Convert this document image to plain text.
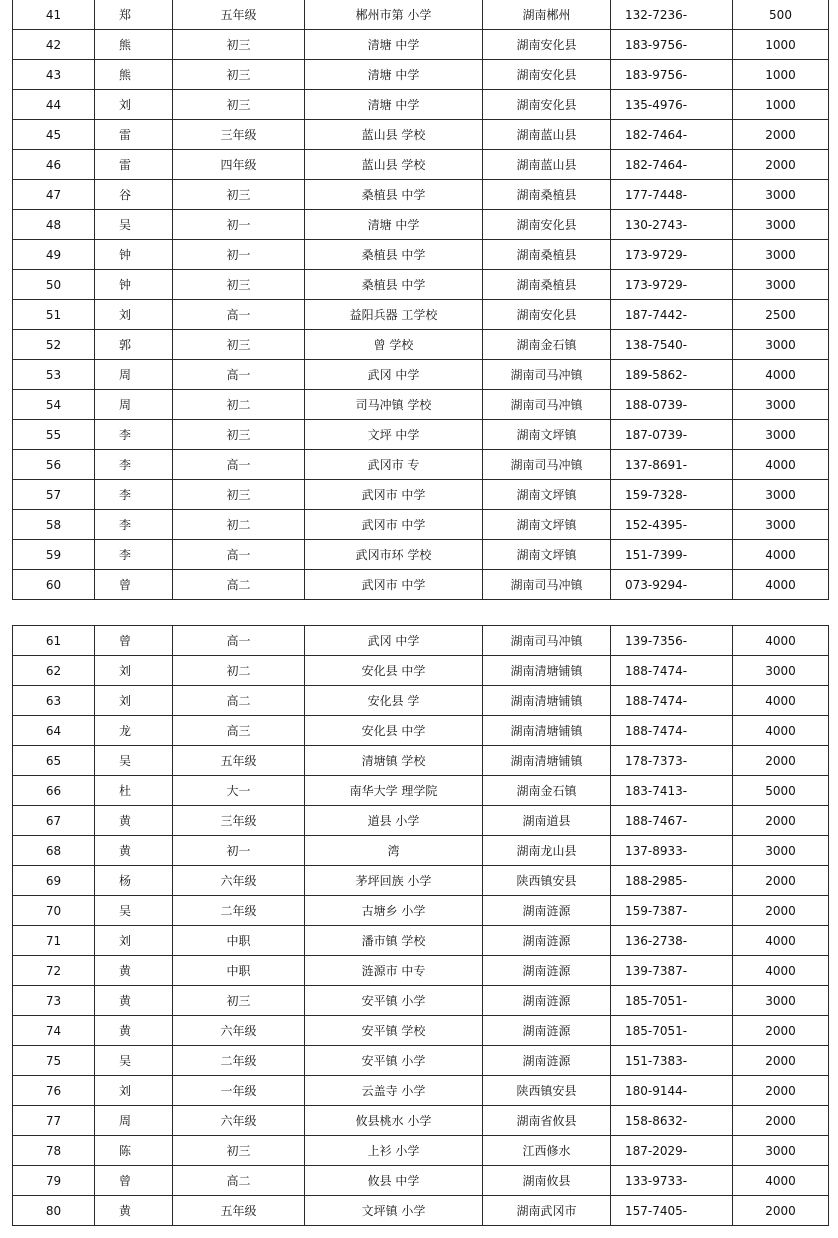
41	郑	五年级	郴州市第 小学	湖南郴州	132-7236-	500
42	熊	初三	清塘 中学	湖南安化县	183-9756-	1000
43	熊	初三	清塘 中学	湖南安化县	183-9756-	1000
44	刘	初三	清塘 中学	湖南安化县	135-4976-	1000
45	雷	三年级	蓝山县 学校	湖南蓝山县	182-7464-	2000
46	雷	四年级	蓝山县 学校	湖南蓝山县	182-7464-	2000
47	谷	初三	桑植县 中学	湖南桑植县	177-7448-	3000
48	吴	初一	清塘 中学	湖南安化县	130-2743-	3000
49	钟	初一	桑植县 中学	湖南桑植县	173-9729-	3000
50	钟	初三	桑植县 中学	湖南桑植县	173-9729-	3000
51	刘	高一	益阳兵器 工学校	湖南安化县	187-7442-	2500
52	郭	初三	曾 学校	湖南金石镇	138-7540-	3000
53	周	高一	武冈 中学	湖南司马冲镇	189-5862-	4000
54	周	初二	司马冲镇 学校	湖南司马冲镇	188-0739-	3000
55	李	初三	文坪 中学	湖南文坪镇	187-0739-	3000
56	李	高一	武冈市 专	湖南司马冲镇	137-8691-	4000
57	李	初三	武冈市 中学	湖南文坪镇	159-7328-	3000
58	李	初二	武冈市 中学	湖南文坪镇	152-4395-	3000
59	李	高一	武冈市环 学校	湖南文坪镇	151-7399-	4000
60	曾	高二	武冈市 中学	湖南司马冲镇	073-9294-	4000
61	曾	高一	武冈 中学	湖南司马冲镇	139-7356-	4000
62	刘	初二	安化县 中学	湖南清塘铺镇	188-7474-	3000
63	刘	高二	安化县 学	湖南清塘铺镇	188-7474-	4000
64	龙	高三	安化县 中学	湖南清塘铺镇	188-7474-	4000
65	吴	五年级	清塘镇 学校	湖南清塘铺镇	178-7373-	2000
66	杜	大一	南华大学 理学院	湖南金石镇	183-7413-	5000
67	黄	三年级	道县 小学	湖南道县	188-7467-	2000
68	黄	初一	湾	湖南龙山县	137-8933-	3000
69	杨	六年级	茅坪回族 小学	陕西镇安县	188-2985-	2000
70	吴	二年级	古塘乡 小学	湖南涟源	159-7387-	2000
71	刘	中职	潘市镇 学校	湖南涟源	136-2738-	4000
72	黄	中职	涟源市 中专	湖南涟源	139-7387-	4000
73	黄	初三	安平镇 小学	湖南涟源	185-7051-	3000
74	黄	六年级	安平镇 学校	湖南涟源	185-7051-	2000
75	吴	二年级	安平镇 小学	湖南涟源	151-7383-	2000
76	刘	一年级	云盖寺 小学	陕西镇安县	180-9144-	2000
77	周	六年级	攸县桃水 小学	湖南省攸县	158-8632-	2000
78	陈	初三	上衫 小学	江西修水	187-2029-	3000
79	曾	高二	攸县 中学	湖南攸县	133-9733-	4000
80	黄	五年级	文坪镇 小学	湖南武冈市	157-7405-	2000
